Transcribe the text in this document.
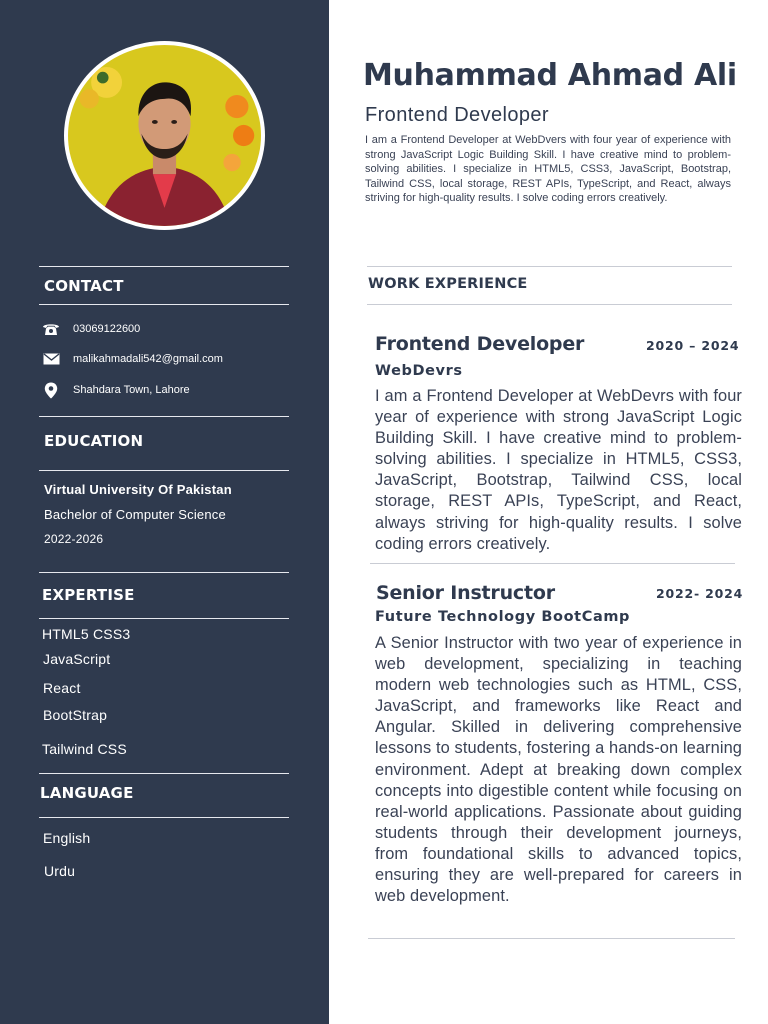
CONTACT
03069122600
malikahmadali542@gmail.com
Shahdara Town, Lahore
EDUCATION
Virtual University Of Pakistan
Bachelor of Computer Science
2022-2026
EXPERTISE
HTML5 CSS3
JavaScript
React
BootStrap
Tailwind CSS
LANGUAGE
English
Urdu
Muhammad Ahmad Ali
Frontend Developer
I am a Frontend Developer at WebDvers with four year of experience with strong JavaScript Logic Building Skill. I have creative mind to problem-solving abilities. I specialize in HTML5, CSS3, JavaScript, Bootstrap, Tailwind CSS, local storage, REST APIs, TypeScript, and React, always striving for high-quality results. I solve coding errors creatively.
WORK EXPERIENCE
Frontend Developer	2020 – 2024
WebDevrs
I am a Frontend Developer at WebDevrs with four year of experience with strong JavaScript Logic Building Skill. I have creative mind to problem-solving abilities. I specialize in HTML5, CSS3, JavaScript, Bootstrap, Tailwind CSS, local storage, REST APIs, TypeScript, and React, always striving for high-quality results. I solve coding errors creatively.
Senior Instructor	2022- 2024
Future Technology BootCamp
A Senior Instructor with two year of experience in web development, specializing in teaching modern web technologies such as HTML, CSS, JavaScript, and frameworks like React and Angular. Skilled in delivering comprehensive lessons to students, fostering a hands-on learning environment. Adept at breaking down complex concepts into digestible content while focusing on real-world applications. Passionate about guiding students through their development journeys, from foundational skills to advanced topics, ensuring they are well-prepared for careers in web development.
